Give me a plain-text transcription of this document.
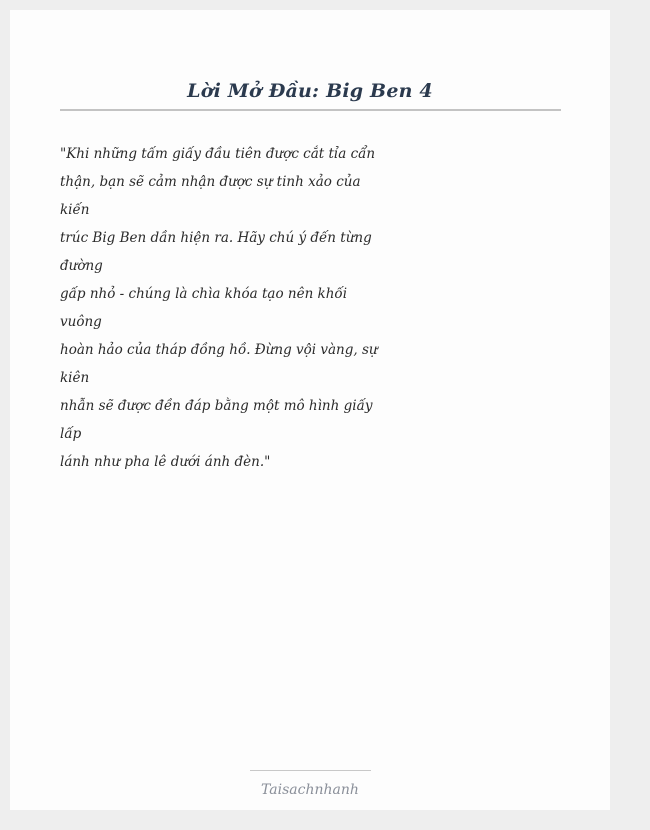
Lời Mở Đầu: Big Ben 4
"Khi những tấm giấy đầu tiên được cắt tỉa cẩn
thận, bạn sẽ cảm nhận được sự tinh xảo của
kiến
trúc Big Ben dần hiện ra. Hãy chú ý đến từng
đường
gấp nhỏ - chúng là chìa khóa tạo nên khối
vuông
hoàn hảo của tháp đồng hồ. Đừng vội vàng, sự
kiên
nhẫn sẽ được đền đáp bằng một mô hình giấy
lấp
lánh như pha lê dưới ánh đèn."
Taisachnhanh
